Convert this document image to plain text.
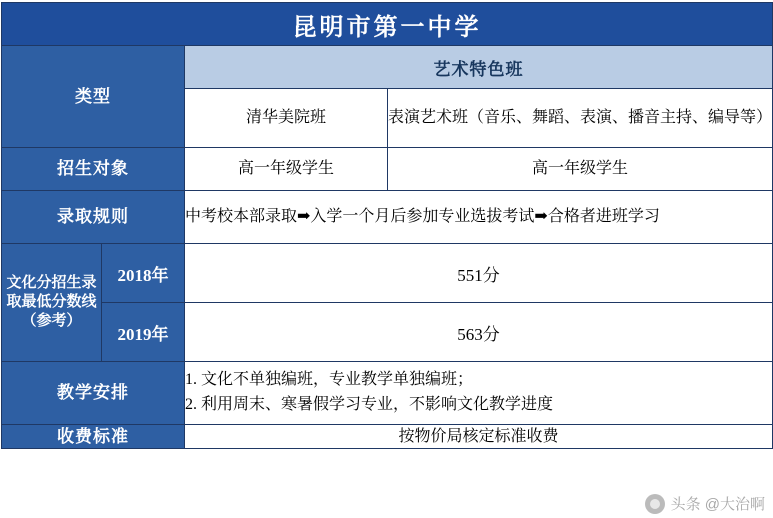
昆明市第一中学			
类型		艺术特色班	
		清华美院班	表演艺术班（音乐、舞蹈、表演、播音主持、编导等）
招生对象		高一年级学生	高一年级学生
录取规则		中考校本部录取➡入学一个月后参加专业选拔考试➡合格者进班学习	
文化分招生录取最低分数线（参考）	2018年	551分	
	2019年	563分	
教学安排		1. 文化不单独编班，专业教学单独编班；
2. 利用周末、寒暑假学习专业，不影响文化教学进度	

收费标准		按物价局核定标准收费	
头条 @大治啊
